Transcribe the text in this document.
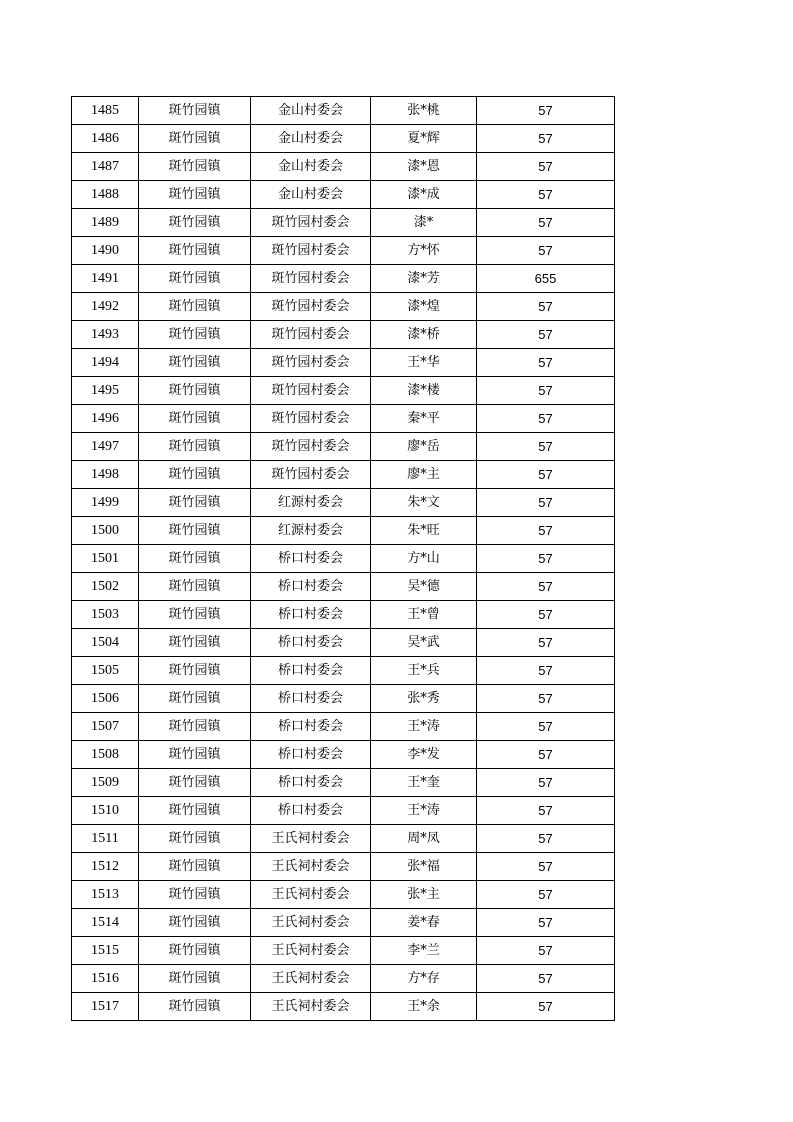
1485	斑竹园镇	金山村委会	张*桃	57
1486	斑竹园镇	金山村委会	夏*辉	57
1487	斑竹园镇	金山村委会	漆*恩	57
1488	斑竹园镇	金山村委会	漆*成	57
1489	斑竹园镇	斑竹园村委会	漆*	57
1490	斑竹园镇	斑竹园村委会	方*怀	57
1491	斑竹园镇	斑竹园村委会	漆*芳	655
1492	斑竹园镇	斑竹园村委会	漆*煌	57
1493	斑竹园镇	斑竹园村委会	漆*桥	57
1494	斑竹园镇	斑竹园村委会	王*华	57
1495	斑竹园镇	斑竹园村委会	漆*楼	57
1496	斑竹园镇	斑竹园村委会	秦*平	57
1497	斑竹园镇	斑竹园村委会	廖*岳	57
1498	斑竹园镇	斑竹园村委会	廖*主	57
1499	斑竹园镇	红源村委会	朱*文	57
1500	斑竹园镇	红源村委会	朱*旺	57
1501	斑竹园镇	桥口村委会	方*山	57
1502	斑竹园镇	桥口村委会	吴*德	57
1503	斑竹园镇	桥口村委会	王*曾	57
1504	斑竹园镇	桥口村委会	吴*武	57
1505	斑竹园镇	桥口村委会	王*兵	57
1506	斑竹园镇	桥口村委会	张*秀	57
1507	斑竹园镇	桥口村委会	王*涛	57
1508	斑竹园镇	桥口村委会	李*发	57
1509	斑竹园镇	桥口村委会	王*奎	57
1510	斑竹园镇	桥口村委会	王*涛	57
1511	斑竹园镇	王氏祠村委会	周*凤	57
1512	斑竹园镇	王氏祠村委会	张*福	57
1513	斑竹园镇	王氏祠村委会	张*主	57
1514	斑竹园镇	王氏祠村委会	姜*春	57
1515	斑竹园镇	王氏祠村委会	李*兰	57
1516	斑竹园镇	王氏祠村委会	方*存	57
1517	斑竹园镇	王氏祠村委会	王*余	57
